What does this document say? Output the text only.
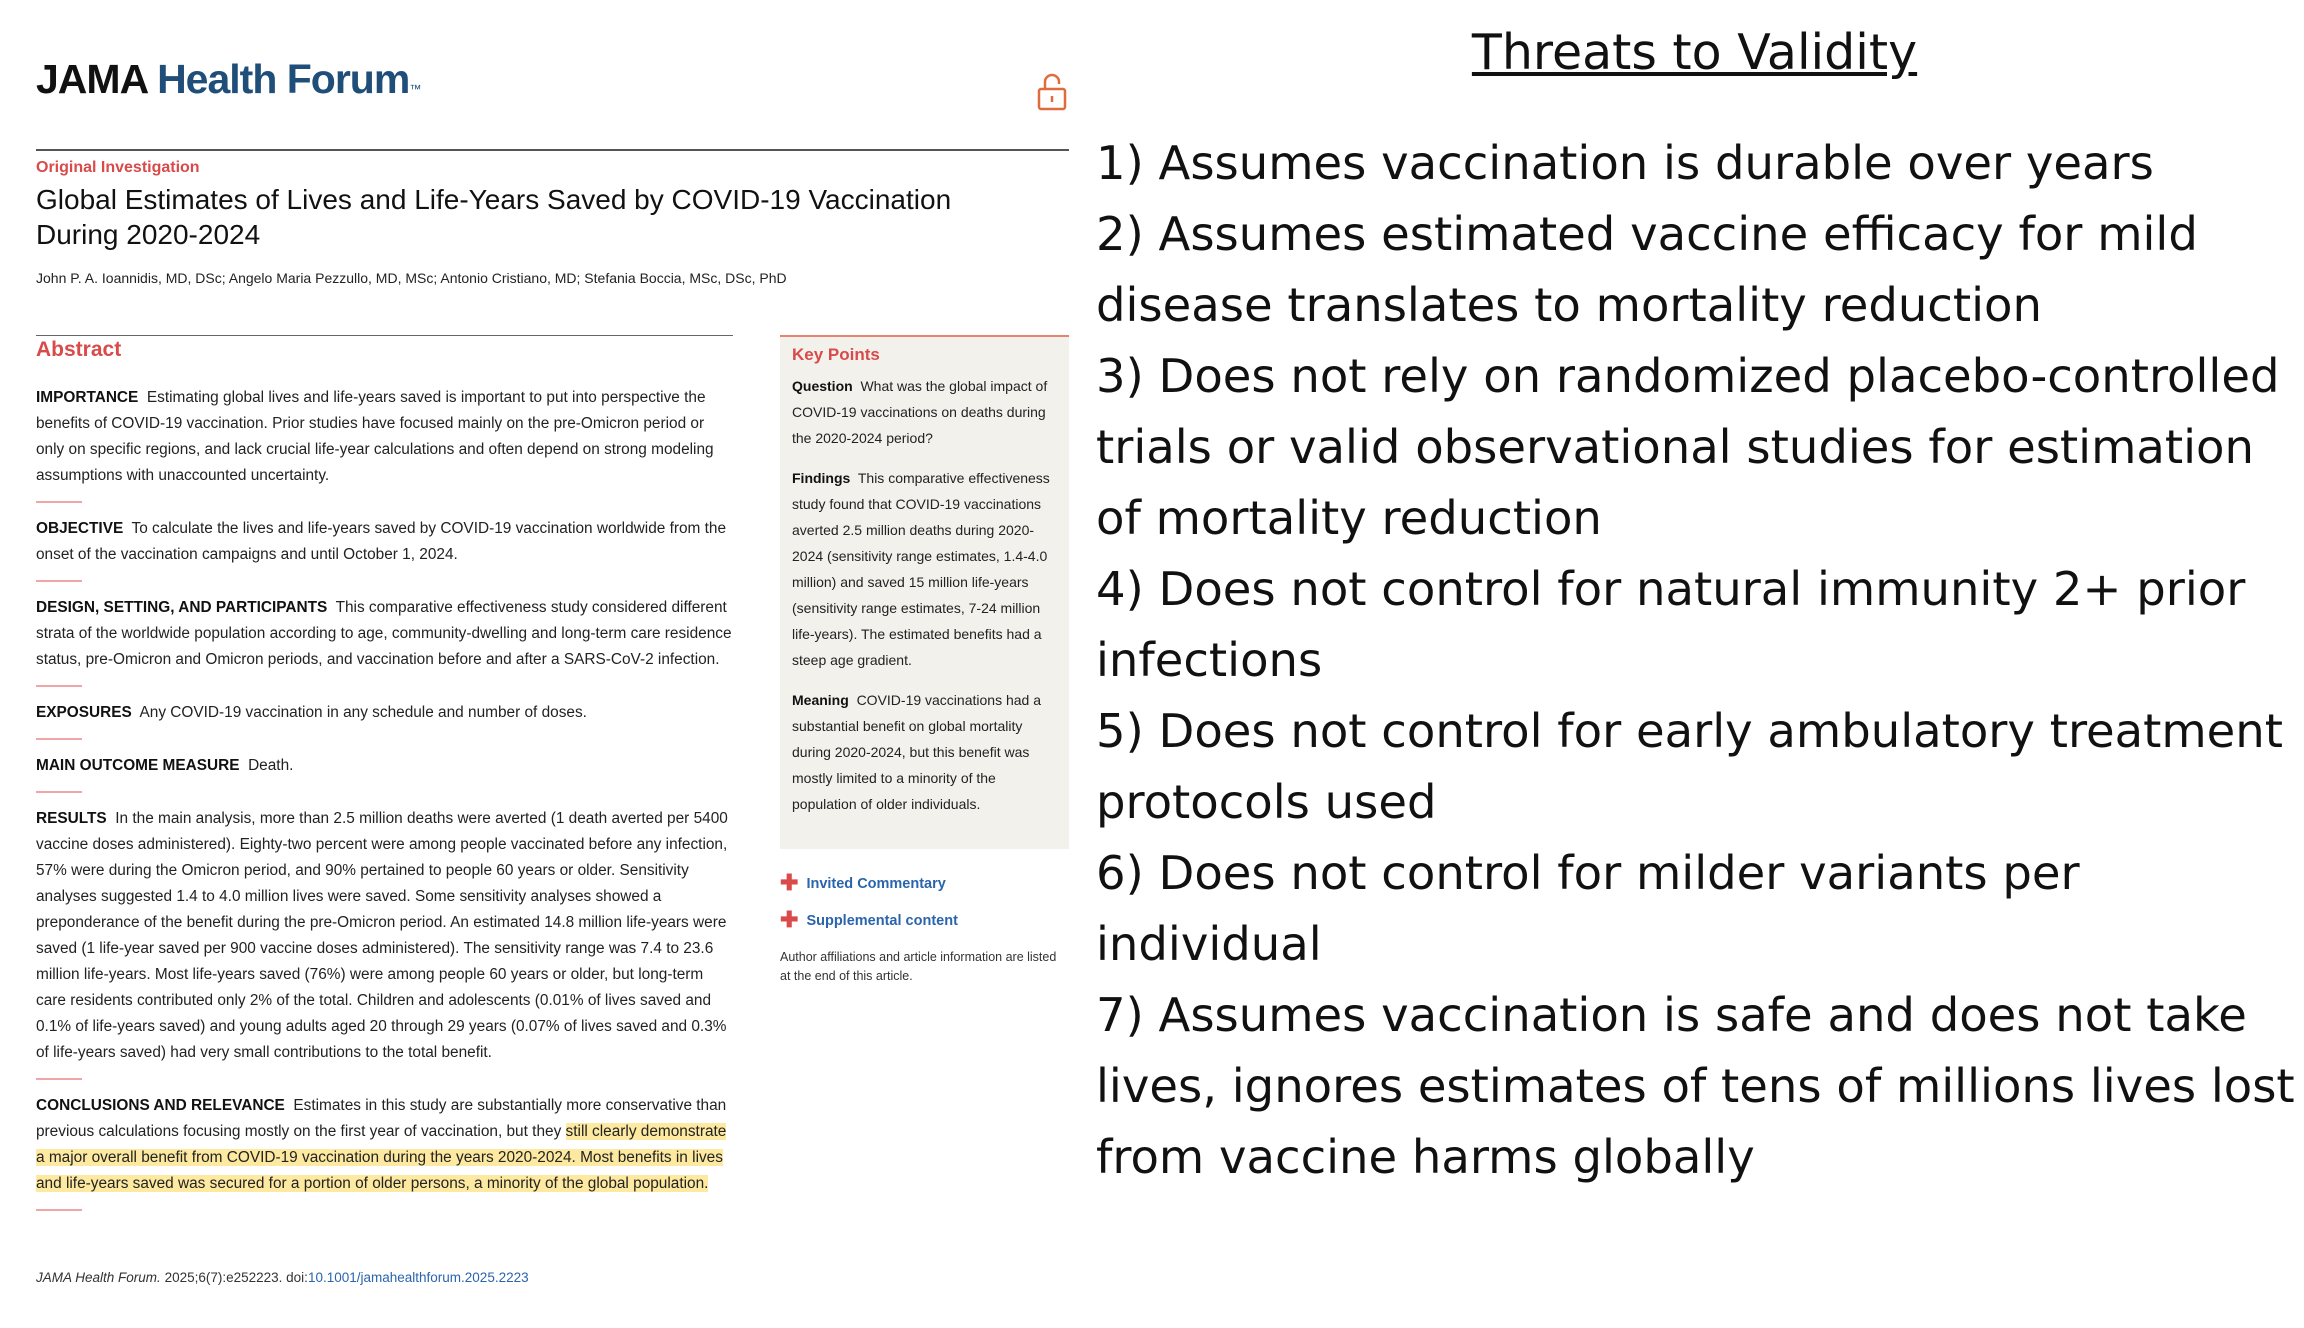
JAMA Health Forum™
Original Investigation
Global Estimates of Lives and Life-Years Saved by COVID-19 Vaccination During 2020-2024
John P. A. Ioannidis, MD, DSc; Angelo Maria Pezzullo, MD, MSc; Antonio Cristiano, MD; Stefania Boccia, MSc, DSc, PhD
Abstract
IMPORTANCE Estimating global lives and life-years saved is important to put into perspective the benefits of COVID-19 vaccination. Prior studies have focused mainly on the pre-Omicron period or only on specific regions, and lack crucial life-year calculations and often depend on strong modeling assumptions with unaccounted uncertainty.
OBJECTIVE To calculate the lives and life-years saved by COVID-19 vaccination worldwide from the onset of the vaccination campaigns and until October 1, 2024.
DESIGN, SETTING, AND PARTICIPANTS This comparative effectiveness study considered different strata of the worldwide population according to age, community-dwelling and long-term care residence status, pre-Omicron and Omicron periods, and vaccination before and after a SARS-CoV-2 infection.
EXPOSURES Any COVID-19 vaccination in any schedule and number of doses.
MAIN OUTCOME MEASURE Death.
RESULTS In the main analysis, more than 2.5 million deaths were averted (1 death averted per 5400 vaccine doses administered). Eighty-two percent were among people vaccinated before any infection, 57% were during the Omicron period, and 90% pertained to people 60 years or older. Sensitivity analyses suggested 1.4 to 4.0 million lives were saved. Some sensitivity analyses showed a preponderance of the benefit during the pre-Omicron period. An estimated 14.8 million life-years were saved (1 life-year saved per 900 vaccine doses administered). The sensitivity range was 7.4 to 23.6 million life-years. Most life-years saved (76%) were among people 60 years or older, but long-term care residents contributed only 2% of the total. Children and adolescents (0.01% of lives saved and 0.1% of life-years saved) and young adults aged 20 through 29 years (0.07% of lives saved and 0.3% of life-years saved) had very small contributions to the total benefit.
CONCLUSIONS AND RELEVANCE Estimates in this study are substantially more conservative than previous calculations focusing mostly on the first year of vaccination, but they still clearly demonstrate a major overall benefit from COVID-19 vaccination during the years 2020-2024. Most benefits in lives and life-years saved was secured for a portion of older persons, a minority of the global population.
JAMA Health Forum. 2025;6(7):e252223. doi:10.1001/jamahealthforum.2025.2223
Key Points

Question What was the global impact of COVID-19 vaccinations on deaths during the 2020-2024 period?

Findings This comparative effectiveness study found that COVID-19 vaccinations averted 2.5 million deaths during 2020-2024 (sensitivity range estimates, 1.4-4.0 million) and saved 15 million life-years (sensitivity range estimates, 7-24 million life-years). The estimated benefits had a steep age gradient.

Meaning COVID-19 vaccinations had a substantial benefit on global mortality during 2020-2024, but this benefit was mostly limited to a minority of the population of older individuals.

✚ Invited Commentary
✚ Supplemental content
Author affiliations and article information are listed at the end of this article.
Threats to Validity
1) Assumes vaccination is durable over years
2) Assumes estimated vaccine efficacy for mild disease translates to mortality reduction
3) Does not rely on randomized placebo-controlled trials or valid observational studies for estimation of mortality reduction
4) Does not control for natural immunity 2+ prior infections
5) Does not control for early ambulatory treatment protocols used
6) Does not control for milder variants per individual
7) Assumes vaccination is safe and does not take lives, ignores estimates of tens of millions lives lost from vaccine harms globally
